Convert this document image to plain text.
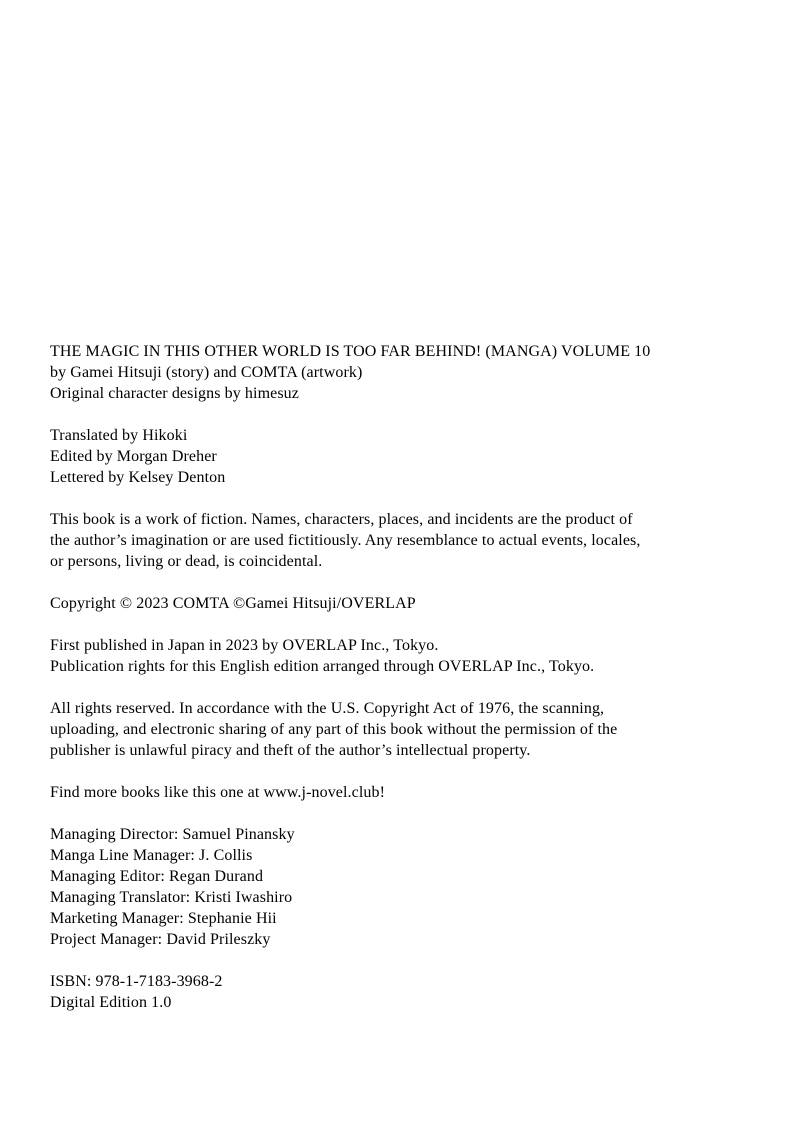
THE MAGIC IN THIS OTHER WORLD IS TOO FAR BEHIND! (MANGA) VOLUME 10
by Gamei Hitsuji (story) and COMTA (artwork)
Original character designs by himesuz
Translated by Hikoki
Edited by Morgan Dreher
Lettered by Kelsey Denton
This book is a work of fiction. Names, characters, places, and incidents are the product of
the author’s imagination or are used fictitiously. Any resemblance to actual events, locales,
or persons, living or dead, is coincidental.
Copyright © 2023 COMTA ©Gamei Hitsuji/OVERLAP
First published in Japan in 2023 by OVERLAP Inc., Tokyo.
Publication rights for this English edition arranged through OVERLAP Inc., Tokyo.
All rights reserved. In accordance with the U.S. Copyright Act of 1976, the scanning,
uploading, and electronic sharing of any part of this book without the permission of the
publisher is unlawful piracy and theft of the author’s intellectual property.
Find more books like this one at www.j-novel.club!
Managing Director: Samuel Pinansky
Manga Line Manager: J. Collis
Managing Editor: Regan Durand
Managing Translator: Kristi Iwashiro
Marketing Manager: Stephanie Hii
Project Manager: David Prileszky
ISBN: 978-1-7183-3968-2
Digital Edition 1.0
